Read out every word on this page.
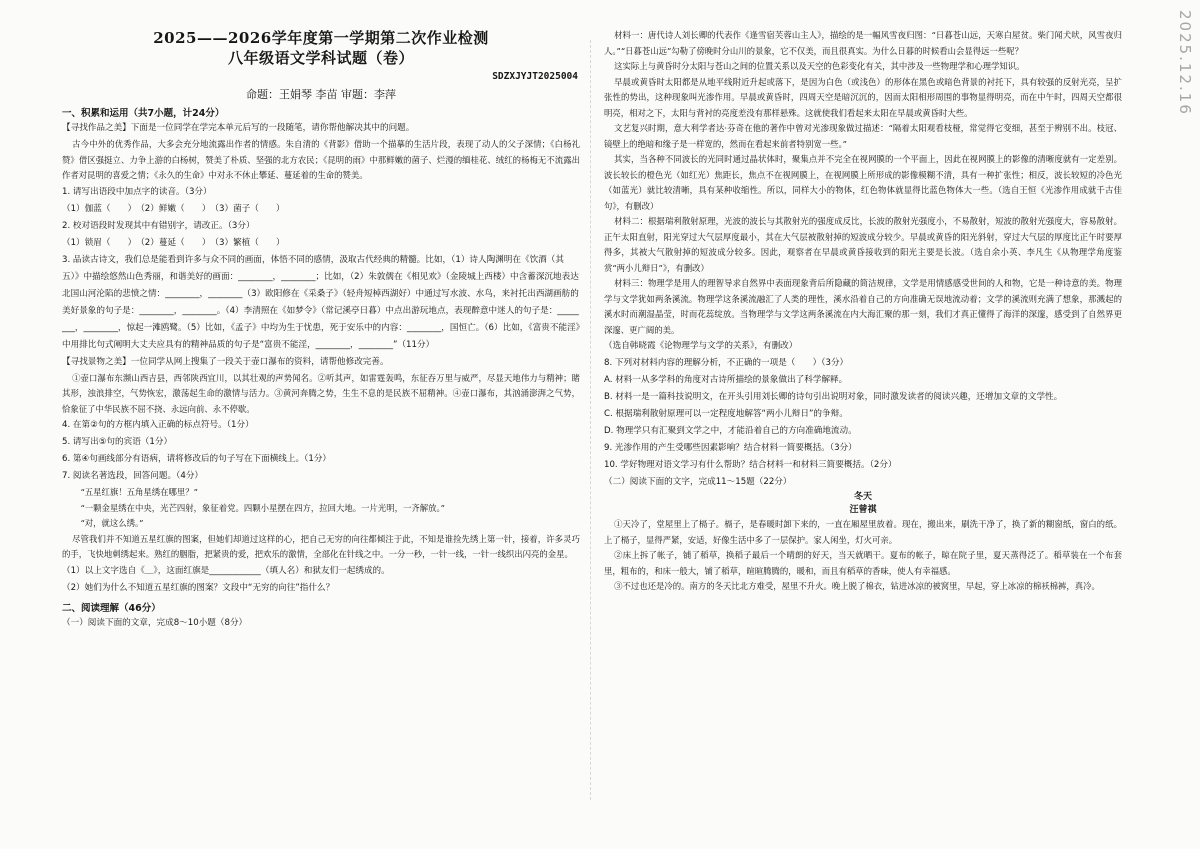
2025——2026学年度第一学期第二次作业检测

八年级语文学科试题（卷）

SDZXJYJT2025004

命题：王娟琴 李苗 审题：李萍

一、积累和运用（共7小题，计24分）

【寻找作品之美】下面是一位同学在学完本单元后写的一段随笔，请你帮他解决其中的问题。

古今中外的优秀作品，大多会充分地流露出作者的情感。朱自清的《背影》借助一个描摹的生活片段，表现了动人的父子深情；《白杨礼赞》借区强挺立、力争上游的白杨树，赞美了朴质、坚强的北方农民；《昆明的雨》中那鲜嫩的菌子、烂漫的缅桂花、绒红的杨梅无不流露出作者对昆明的喜爱之情；《永久的生命》中对永不休止攀延、蔓延着的生命的赞美。

1. 请写出语段中加点字的读音。（3分）

（1）伽蓝（　　）　（2）鲜嫩（　　）　（3）菌子（　　）

2. 校对语段时发现其中有错别字，请改正。（3分）

（1）锁眉（　　）　（2）蔓延（　　）　（3）繁植（　　）

3. 品读古诗文，我们总是能看到许多与众不同的画面，体悟不同的感情，汲取古代经典的精髓。比如，（1）诗人陶渊明在《饮酒（其五）》中描绘悠然山色秀丽，和谐美好的画面：________，________；比如，（2）朱敦儒在《相见欢》（金陵城上西楼）中含蓄深沉地表达北国山河沦陷的悲愤之情：________，________（3）欧阳修在《采桑子》（轻舟短棹西湖好）中通过写水波、水鸟，来衬托出西湖画舫的美好景象的句子是：________，________。（4）李清照在《如梦令》（常记溪亭日暮）中点出游玩地点，表现醉意中迷人的句子是：________，________，惊起一滩鸥鹭。（5）比如，《孟子》中均为生于忧患，死于安乐中的内容：________，国恒亡。（6）比如，《富贵不能淫》中用排比句式阐明大丈夫应具有的精神品质的句子是“富贵不能淫，________，________”（11分）

【寻找景物之美】一位同学从网上搜集了一段关于壶口瀑布的资料，请帮他修改完善。

①壶口瀑布东濒山西吉县，西邻陕西宜川，以其壮观的声势闻名。②听其声，如雷霆轰鸣，东征吞万里与威严，尽显天地伟力与精神；睹其形，浊浪排空，气势恢宏，激荡起生命的激情与活力。③黄河奔腾之势，生生不息的是民族不屈精神。④壶口瀑布，其汹涌澎湃之气势，恰象征了中华民族不屈不挠、永远向前、永不停歇。

4. 在第②句的方框内填入正确的标点符号。（1分）

5. 请写出⑤句的宾语（1分）

6. 第④句画线部分有语病，请将修改后的句子写在下面横线上。（1分）

7. 阅读名著选段，回答问题。（4分）

“五星红旗！五角星绣在哪里？”

“一颗金星绣在中央，光芒四射，象征着党。四颗小星摆在四方，拉回大地。一片光明，一齐解放。”

“对，就这么绣。”

尽管我们并不知道五星红旗的图案，但她们却道过这样的心，把自己无穷的向往都倾注于此，不知是谁捡先绣上第一针，接着，许多灵巧的手，飞快地刺绣起来。熟红的胭脂，把紧贵的爱，把欢乐的激情，全部化在针线之中。一分一秒，一针一线，一针一线织出闪亮的金星。

（1）以上文字选自《＿》，这面红旗是____________（填人名）和狱友们一起绣成的。

（2）她们为什么不知道五星红旗的图案？文段中“无穷的向往”指什么？

二、阅读理解（46分）

（一）阅读下面的文章，完成8～10小题（8分）

材料一：唐代诗人刘长卿的代表作《逢雪宿芙蓉山主人》，描绘的是一幅风雪夜归图：“日暮苍山远，天寒白屋贫。柴门闻犬吠，风雪夜归人。”“日暮苍山远”勾勒了傍晚时分山川的景象，它不仅美，而且很真实。为什么日暮的时候看山会显得远一些呢？

这实际上与黄昏时分太阳与苍山之间的位置关系以及天空的色彩变化有关，其中涉及一些物理学和心理学知识。

早晨或黄昏时太阳都是从地平线附近升起或落下，是因为白色（或浅色）的形体在黑色或暗色背景的衬托下，具有较强的反射光亮，呈扩张性的势出，这种现象叫光渗作用。早晨或黄昏时，四周天空是暗沉沉的，因而太阳相形周围的事物显得明亮，而在中午时，四周天空都很明亮，相对之下，太阳与背衬的亮度差没有那样悬殊。这就使我们看起来太阳在早晨或黄昏时大些。

文艺复兴时期，意大利学者达·芬奇在他的著作中曾对光渗现象做过描述：“隔着太阳观看枝桠，常觉得它变细，甚至于辨别不出。枝冠、镜壁上的绝暗和缘子是一样宽的，然而在看起来前者特别宽一些。”

其实，当各种不同波长的光同时通过晶状体时，聚集点并不完全在视网膜的一个平面上，因此在视网膜上的影像的清晰度就有一定差别。波长较长的橙色光（如红光）焦距长，焦点不在视网膜上，在视网膜上所形成的影像模糊不清，具有一种扩张性；相反，波长较短的冷色光（如蓝光）就比较清晰，具有某种收缩性。所以，同样大小的物体，红色物体就显得比蓝色物体大一些。（选自王恒《光渗作用成就千古佳句》，有删改）

材料二：根据瑞利散射原理，光波的波长与其散射光的强度成反比，长波的散射光强度小，不易散射，短波的散射光强度大，容易散射。正午太阳直射，阳光穿过大气层厚度最小，其在大气层被散射掉的短波成分较少。早晨或黄昏的阳光斜射，穿过大气层的厚度比正午时要厚得多，其被大气散射掉的短波成分较多。因此，观察者在早晨或黄昏接收到的阳光主要是长波。（选自余小英、李凡生《从物理学角度鉴赏“两小儿辩日”》，有删改）

材料三：物理学是用人的理智导求自然界中表面现象背后所隐藏的简洁规律，文学是用情感感受世间的人和物，它是一种诗意的美。物理学与文学犹如两条溪流。物理学这条溪流融汇了人类的理性，溪水沿着自己的方向准确无误地流动着；文学的溪流则充满了想象，那溅起的溪水时而潮湿晶莹，时而花蕊绽放。当物理学与文学这两条溪流在内大海汇聚的那一刻，我们才真正懂得了海洋的深邃，感受到了自然界更深邃、更广阔的美。

（选自韩晓霞《论物理学与文学的关系》，有删改）

8. 下列对材料内容的理解分析，不正确的一项是（　　）（3分）

A. 材料一从多学科的角度对古诗所描绘的景象做出了科学解释。

B. 材料一是一篇科技说明文，在开头引用刘长卿的诗句引出说明对象，同时激发读者的阅读兴趣，还增加文章的文学性。

C. 根据瑞利散射原理可以一定程度地解答“两小儿辩日”的争辩。

D. 物理学只有汇聚到文学之中，才能沿着自己的方向准确地流动。

9. 光渗作用的产生受哪些因素影响？结合材料一简要概括。（3分）

10. 学好物理对语文学习有什么帮助？结合材料一和材料三简要概括。（2分）

（二）阅读下面的文字，完成11～15题（22分）

冬天

汪曾祺

①天冷了，堂屋里上了槅子。槅子，是春暖时卸下来的，一直在厢屋里放着。现在，搬出来，刷洗干净了，换了新的糊窗纸，窗白的纸。上了槅子，显得严紧，安适，好像生活中多了一层保护。家人闲坐，灯火可亲。

②床上拆了帐子，铺了稻草，换稻子最后一个晴朗的好天，当天就晒干。夏布的帐子，晾在院子里，夏天蒸得泛了。稻草装在一个布套里，粗布的，和床一般大，铺了稻草，暄暄腾腾的，暖和，而且有稻草的香味，使人有幸福感。

③不过也还是冷的。南方的冬天比北方难受，屋里不升火。晚上脱了棉衣，钻进冰凉的被窝里，早起，穿上冰凉的棉袄棉裤，真冷。

2025.12.16
